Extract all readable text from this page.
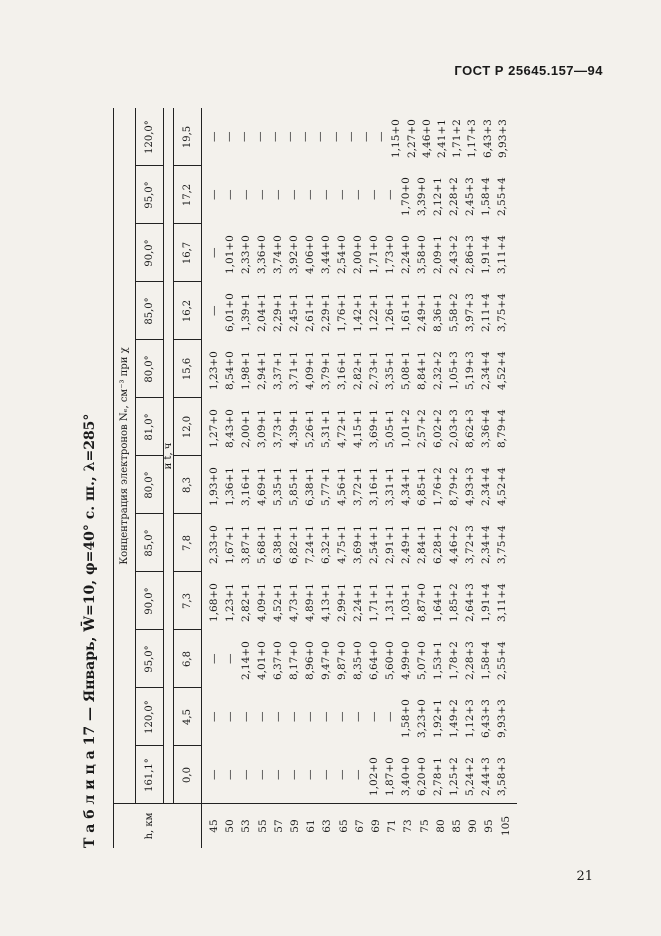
ГОСТ Р 25645.157—94
Т а б л и ц а 17 — Январь, W̄=10, φ=40° с. ш., λ=285°	h, км
Концентрация электронов Nₑ, см⁻³ при χ	и t, ч
161,1°
120,0°
95,0°
90,0°
85,0°
80,0°
81,0°
80,0°
85,0°
90,0°
95,0°
120,0°
0,0
4,5
6,8
7,3
7,8
8,3
12,0
15,6
16,2
16,7
17,2
19,5
45 50 53 55 57 59 61 63 65 67 69 71 73 75 80 85 90 95 105
— — — — — — — — — — 1,02+0 1,87+0 3,40+0 6,20+0 2,78+1 1,25+2 5,24+2 2,44+3 3,58+3
— — — — — — — — — — — — 1,58+0 3,23+0 1,92+1 1,49+2 1,12+3 6,43+3 9,93+3
— — 2,14+0 4,01+0 6,37+0 8,17+0 8,96+0 9,47+0 9,87+0 8,35+0 6,64+0 5,60+0 4,99+0 5,07+0 1,53+1 1,78+2 2,28+3 1,58+4 2,55+4
1,68+0 1,23+1 2,82+1 4,09+1 4,52+1 4,73+1 4,89+1 4,13+1 2,99+1 2,24+1 1,71+1 1,31+1 1,03+1 8,87+0 1,64+1 1,85+2 2,64+3 1,91+4 3,11+4
2,33+0 1,67+1 3,87+1 5,68+1 6,38+1 6,82+1 7,24+1 6,32+1 4,75+1 3,69+1 2,54+1 2,91+1 2,49+1 2,84+1 6,28+1 4,46+2 3,72+3 2,34+4 3,75+4
1,93+0 1,36+1 3,16+1 4,69+1 5,35+1 5,85+1 6,38+1 5,77+1 4,56+1 3,72+1 3,16+1 3,31+1 4,34+1 6,85+1 1,76+2 8,79+2 4,93+3 2,34+4 4,52+4
1,27+0 8,43+0 2,00+1 3,09+1 3,73+1 4,39+1 5,26+1 5,31+1 4,72+1 4,15+1 3,69+1 5,05+1 1,01+2 2,57+2 6,02+2 2,03+3 8,62+3 3,36+4 8,79+4
1,23+0 8,54+0 1,98+1 2,94+1 3,37+1 3,71+1 4,09+1 3,79+1 3,16+1 2,82+1 2,73+1 3,35+1 5,08+1 8,84+1 2,32+2 1,05+3 5,19+3 2,34+4 4,52+4
— 6,01+0 1,39+1 2,04+1 2,29+1 2,45+1 2,61+1 2,29+1 1,76+1 1,42+1 1,22+1 1,26+1 1,61+1 2,49+1 8,36+1 5,58+2 3,97+3 2,11+4 3,75+4
— 1,01+0 2,33+0 3,36+0 3,74+0 3,92+0 4,06+0 3,44+0 2,54+0 2,00+0 1,71+0 1,73+0 2,24+0 3,58+0 2,09+1 2,43+2 2,86+3 1,91+4 3,11+4
— — — — — — — — — — — — 1,70+0 3,39+0 2,12+1 2,28+2 2,45+3 1,58+4 2,55+4
— — — — — — — — — — — — 1,15+0 2,27+0 4,46+0 2,41+1 1,71+2 1,17+3 6,43+3 9,93+3
21
